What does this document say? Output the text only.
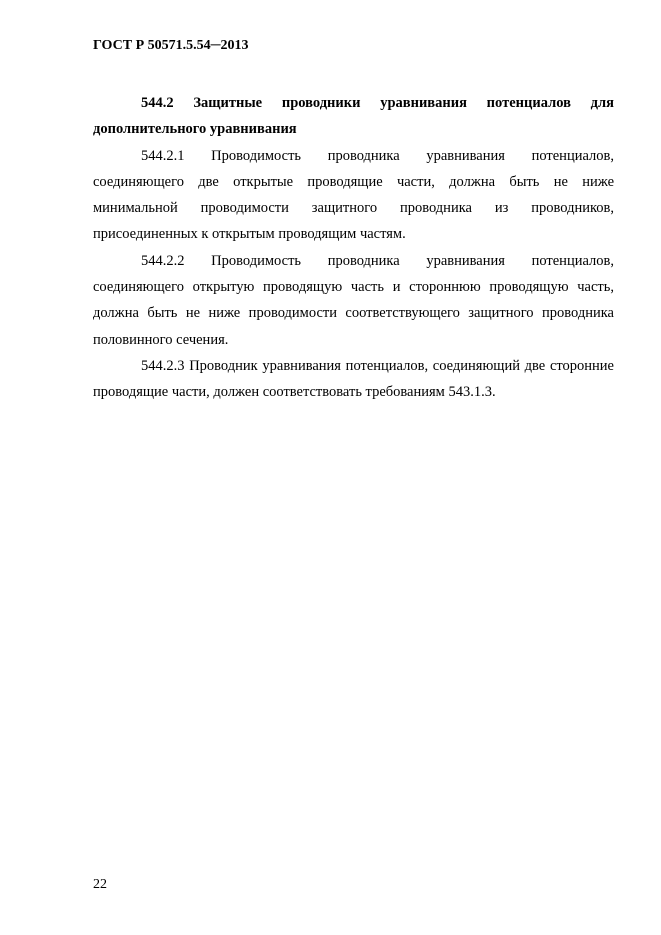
ГОСТ Р 50571.5.54─2013

544.2 Защитные проводники уравнивания потенциалов для дополнительного уравнивания

544.2.1 Проводимость проводника уравнивания потенциалов, соединяющего две открытые проводящие части, должна быть не ниже минимальной проводимости защитного проводника из проводников, присоединенных к открытым проводящим частям.

544.2.2 Проводимость проводника уравнивания потенциалов, соединяющего открытую проводящую часть и стороннюю проводящую часть, должна быть не ниже проводимости соответствующего защитного проводника половинного сечения.

544.2.3 Проводник уравнивания потенциалов, соединяющий две сторонние проводящие части, должен соответствовать требованиям 543.1.3.

22
